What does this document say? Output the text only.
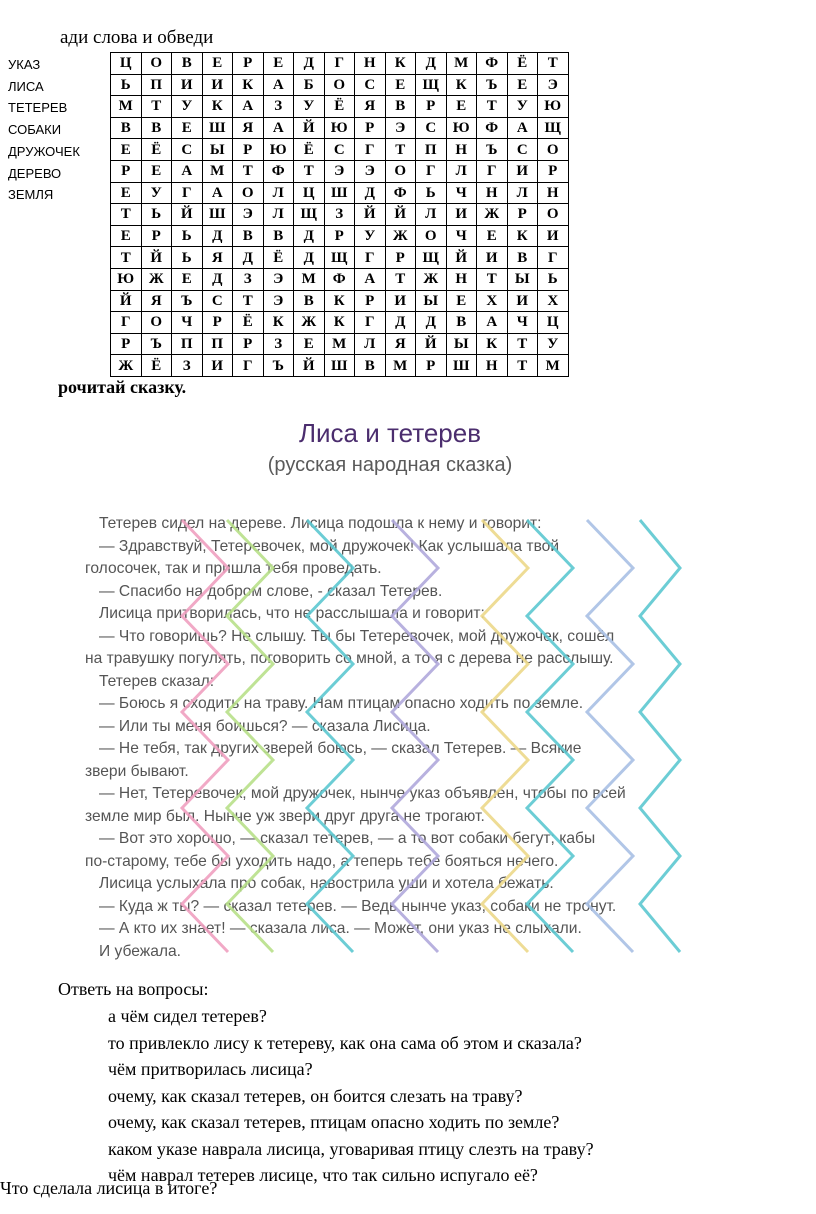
ади слова и обведи
УКАЗ
ЛИСА
ТЕТЕРЕВ
СОБАКИ
ДРУЖОЧЕК
ДЕРЕВО
ЗЕМЛЯ
Ц	О	В	Е	Р	Е	Д	Г	Н	К	Д	М	Ф	Ё	Т
Ь	П	И	И	К	А	Б	О	С	Е	Щ	К	Ъ	Е	Э
М	Т	У	К	А	З	У	Ё	Я	В	Р	Е	Т	У	Ю
В	В	Е	Ш	Я	А	Й	Ю	Р	Э	С	Ю	Ф	А	Щ
Е	Ё	С	Ы	Р	Ю	Ё	С	Г	Т	П	Н	Ъ	С	О
Р	Е	А	М	Т	Ф	Т	Э	Э	О	Г	Л	Г	И	Р
Е	У	Г	А	О	Л	Ц	Ш	Д	Ф	Ь	Ч	Н	Л	Н
Т	Ь	Й	Ш	Э	Л	Щ	З	Й	Й	Л	И	Ж	Р	О
Е	Р	Ь	Д	В	В	Д	Р	У	Ж	О	Ч	Е	К	И
Т	Й	Ь	Я	Д	Ё	Д	Щ	Г	Р	Щ	Й	И	В	Г
Ю	Ж	Е	Д	З	Э	М	Ф	А	Т	Ж	Н	Т	Ы	Ь
Й	Я	Ъ	С	Т	Э	В	К	Р	И	Ы	Е	Х	И	Х
Г	О	Ч	Р	Ё	К	Ж	К	Г	Д	Д	В	А	Ч	Ц
Р	Ъ	П	П	Р	З	Е	М	Л	Я	Й	Ы	К	Т	У
Ж	Ё	З	И	Г	Ъ	Й	Ш	В	М	Р	Ш	Н	Т	М
рочитай сказку.
Лиса и тетерев
(русская народная сказка)
Тетерев сидел на дереве. Лисица подошла к нему и говорит:
— Здравствуй, Тетеревочек, мой дружочек! Как услышала твой
голосочек, так и пришла тебя проведать.
— Спасибо на добром слове, - сказал Тетерев.
Лисица притворилась, что не расслышала и говорит:
— Что говоришь? Не слышу. Ты бы Тетеревочек, мой дружочек, сошёл
на травушку погулять, поговорить со мной, а то я с дерева не расслышу.
Тетерев сказал:
— Боюсь я сходить на траву. Нам птицам опасно ходить по земле.
— Или ты меня боишься? — сказала Лисица.
— Не тебя, так других зверей боюсь, — сказал Тетерев. — Всякие
звери бывают.
— Нет, Тетеревочек, мой дружочек, нынче указ объявлен, чтобы по всей
земле мир был. Нынче уж звери друг друга не трогают.
— Вот это хорошо, — сказал тетерев, — а то вот собаки бегут; кабы
по-старому, тебе бы уходить надо, а теперь тебе бояться нечего.
Лисица услыхала про собак, навострила уши и хотела бежать.
— Куда ж ты? — сказал тетерев. — Ведь нынче указ, собаки не тронут.
— А кто их знает! — сказала лиса. — Может, они указ не слыхали.
И убежала.
Ответь на вопросы:
а чём сидел тетерев?
то привлекло лису к тетереву, как она сама об этом и сказала?
чём притворилась лисица?
очему, как сказал тетерев, он боится слезать на траву?
очему, как сказал тетерев, птицам опасно ходить по земле?
каком указе наврала лисица, уговаривая птицу слезть на траву?
чём наврал тетерев лисице, что так сильно испугало её?
Что сделала лисица в итоге?
